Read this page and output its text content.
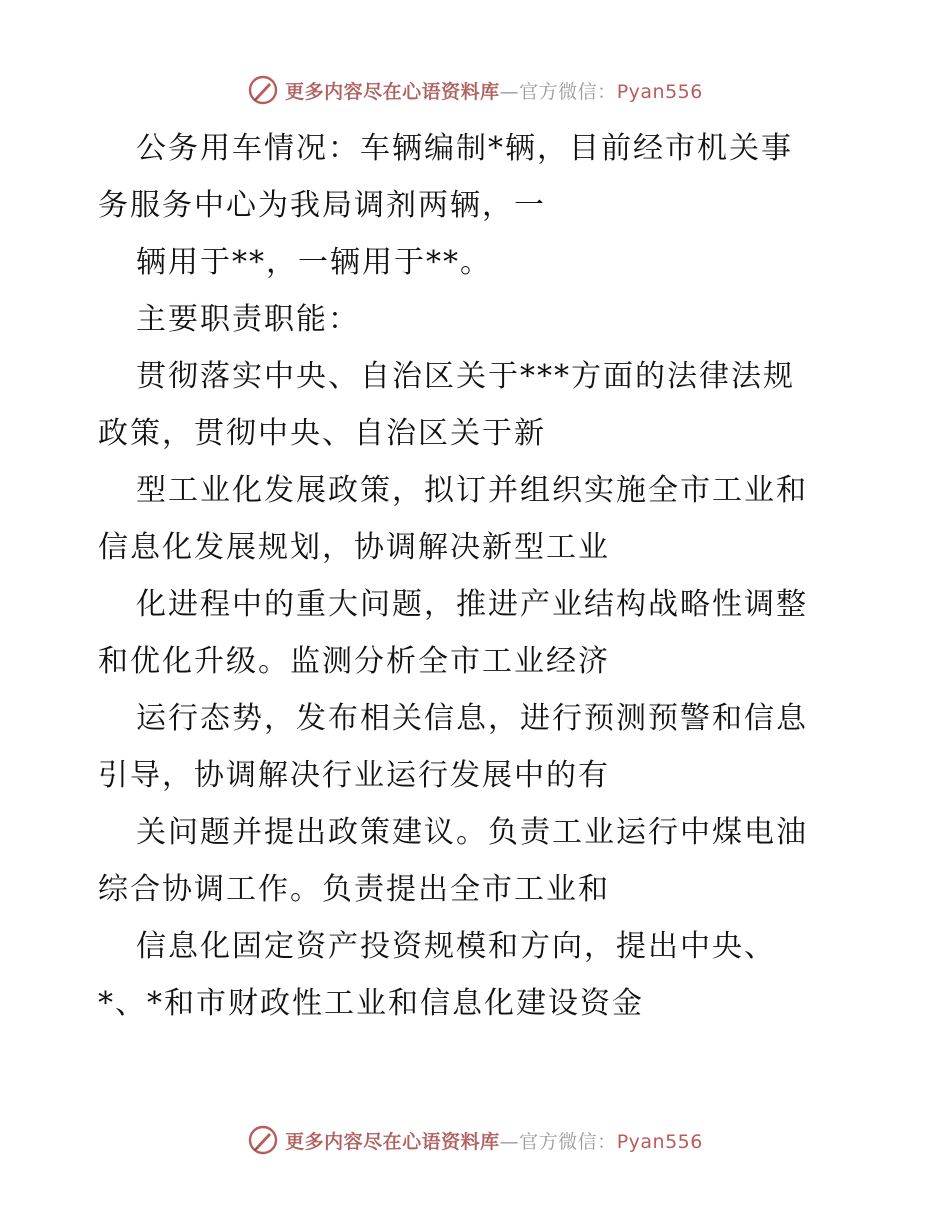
更多内容尽在心语资料库—官方微信：Pyan556
公务用车情况：车辆编制*辆，目前经市机关事
务服务中心为我局调剂两辆，一
辆用于**，一辆用于**。
主要职责职能：
贯彻落实中央、自治区关于***方面的法律法规
政策，贯彻中央、自治区关于新
型工业化发展政策，拟订并组织实施全市工业和
信息化发展规划，协调解决新型工业
化进程中的重大问题，推进产业结构战略性调整
和优化升级。监测分析全市工业经济
运行态势，发布相关信息，进行预测预警和信息
引导，协调解决行业运行发展中的有
关问题并提出政策建议。负责工业运行中煤电油
综合协调工作。负责提出全市工业和
信息化固定资产投资规模和方向，提出中央、
*、*和市财政性工业和信息化建设资金
更多内容尽在心语资料库—官方微信：Pyan556
